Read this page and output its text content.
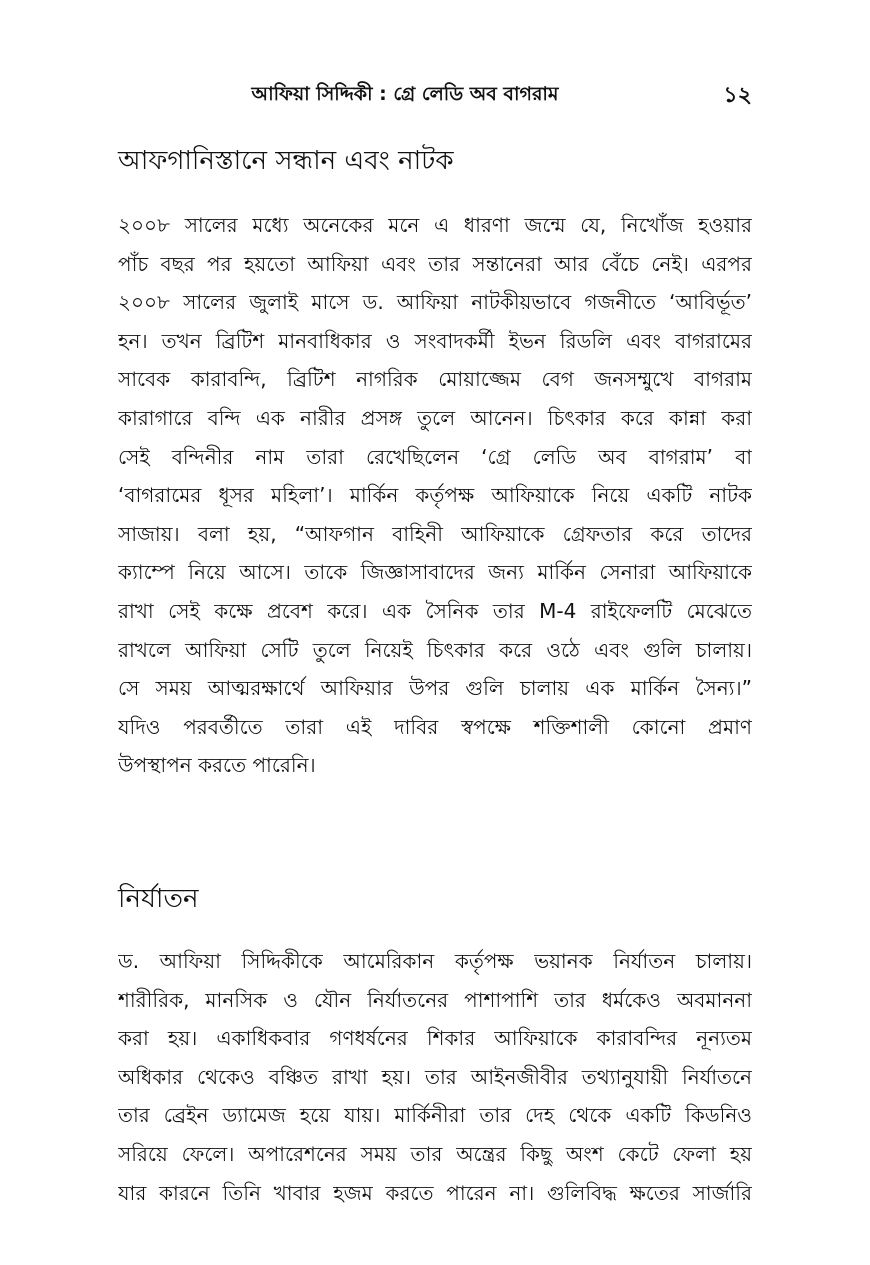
আফিয়া সিদ্দিকী : গ্রে লেডি অব বাগরাম	১২
আফগানিস্তানে সন্ধান এবং নাটক
২০০৮ সালের মধ্যে অনেকের মনে এ ধারণা জন্মে যে, নিখোঁজ হওয়ার
পাঁচ বছর পর হয়তো আফিয়া এবং তার সন্তানেরা আর বেঁচে নেই। এরপর
২০০৮ সালের জুলাই মাসে ড. আফিয়া নাটকীয়ভাবে গজনীতে ‘আবির্ভূত’
হন। তখন ব্রিটিশ মানবাধিকার ও সংবাদকর্মী ইভন রিডলি এবং বাগরামের
সাবেক কারাবন্দি, ব্রিটিশ নাগরিক মোয়াজ্জেম বেগ জনসম্মুখে বাগরাম
কারাগারে বন্দি এক নারীর প্রসঙ্গ তুলে আনেন। চিৎকার করে কান্না করা
সেই বন্দিনীর নাম তারা রেখেছিলেন ‘গ্রে লেডি অব বাগরাম’ বা
‘বাগরামের ধূসর মহিলা’। মার্কিন কর্তৃপক্ষ আফিয়াকে নিয়ে একটি নাটক
সাজায়। বলা হয়, “আফগান বাহিনী আফিয়াকে গ্রেফতার করে তাদের
ক্যাম্পে নিয়ে আসে। তাকে জিজ্ঞাসাবাদের জন্য মার্কিন সেনারা আফিয়াকে
রাখা সেই কক্ষে প্রবেশ করে। এক সৈনিক তার M-4 রাইফেলটি মেঝেতে
রাখলে আফিয়া সেটি তুলে নিয়েই চিৎকার করে ওঠে এবং গুলি চালায়।
সে সময় আত্মরক্ষার্থে আফিয়ার উপর গুলি চালায় এক মার্কিন সৈন্য।”
যদিও পরবর্তীতে তারা এই দাবির স্বপক্ষে শক্তিশালী কোনো প্রমাণ
উপস্থাপন করতে পারেনি।
নির্যাতন
ড. আফিয়া সিদ্দিকীকে আমেরিকান কর্তৃপক্ষ ভয়ানক নির্যাতন চালায়।
শারীরিক, মানসিক ও যৌন নির্যাতনের পাশাপাশি তার ধর্মকেও অবমাননা
করা হয়। একাধিকবার গণধর্ষনের শিকার আফিয়াকে কারাবন্দির নূন্যতম
অধিকার থেকেও বঞ্চিত রাখা হয়। তার আইনজীবীর তথ্যানুযায়ী নির্যাতনে
তার ব্রেইন ড্যামেজ হয়ে যায়। মার্কিনীরা তার দেহ থেকে একটি কিডনিও
সরিয়ে ফেলে। অপারেশনের সময় তার অন্ত্রের কিছু অংশ কেটে ফেলা হয়
যার কারনে তিনি খাবার হজম করতে পারেন না। গুলিবিদ্ধ ক্ষতের সার্জারি
